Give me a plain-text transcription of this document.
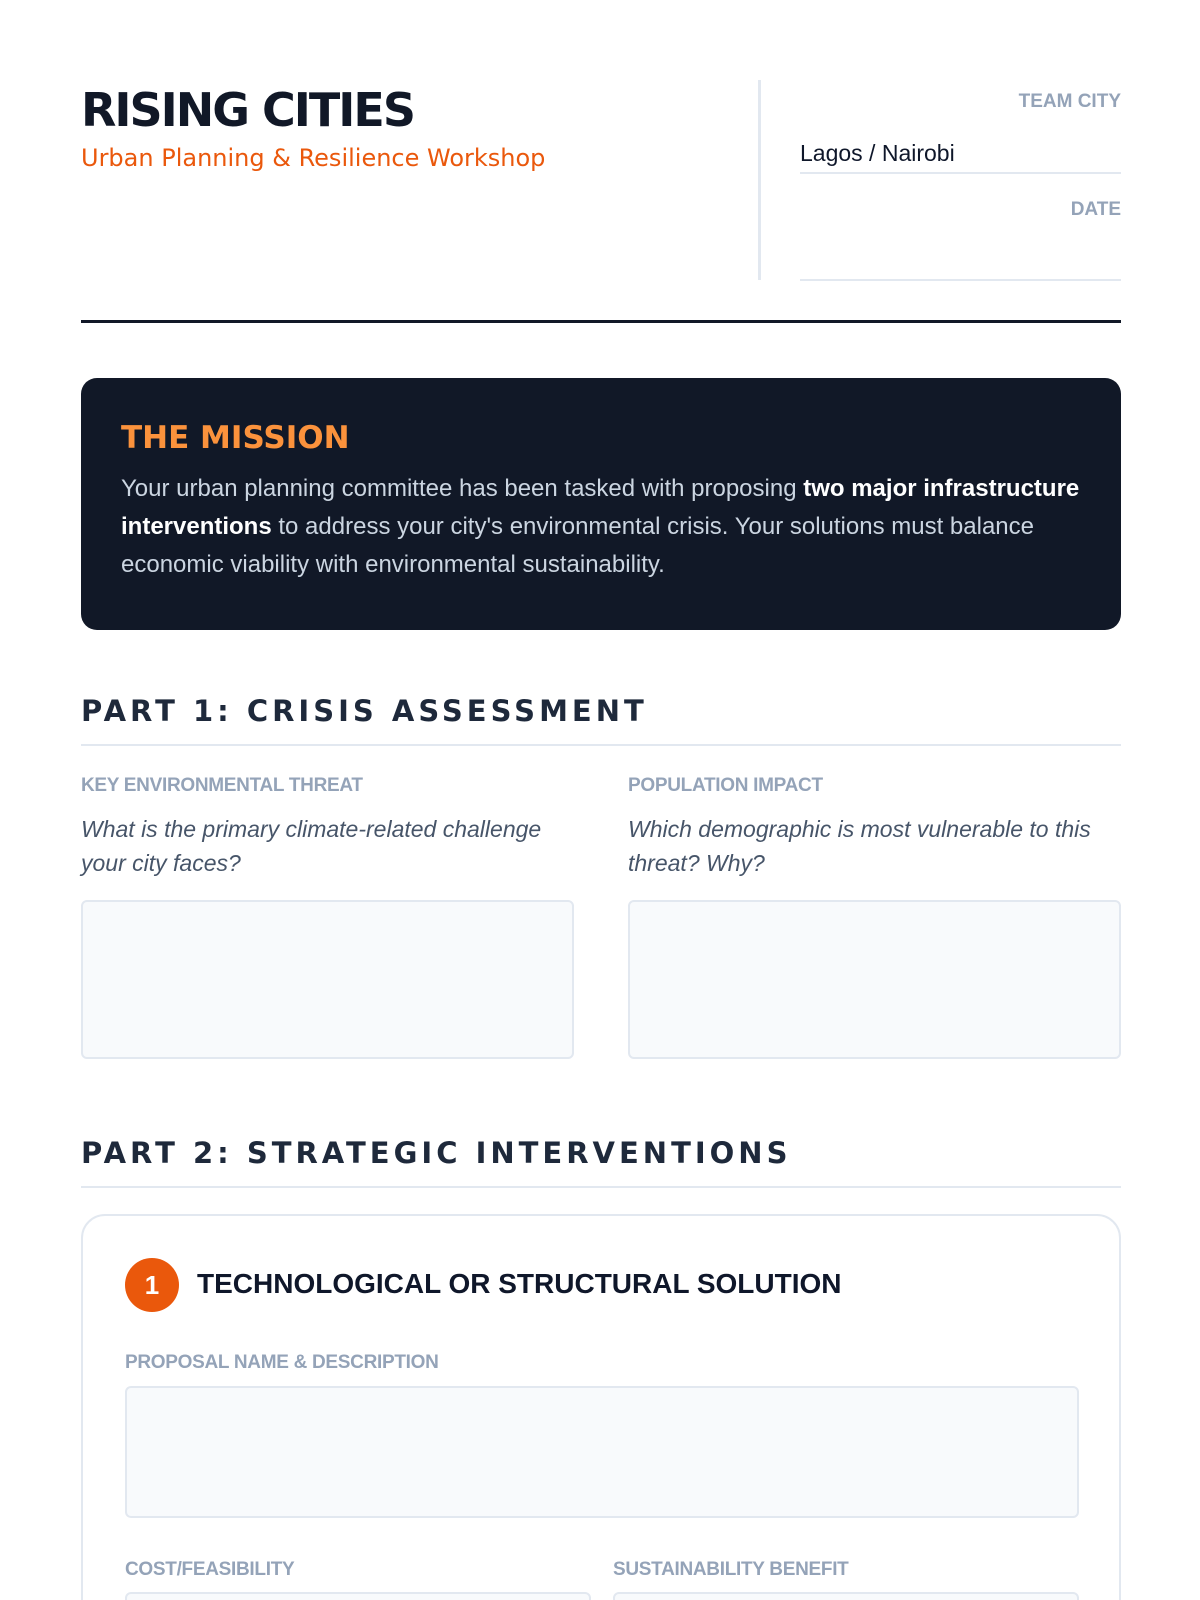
RISING CITIES
Urban Planning & Resilience Workshop
TEAM CITY
Lagos / Nairobi
DATE
THE MISSION
Your urban planning committee has been tasked with proposing two major infrastructure interventions to address your city's environmental crisis. Your solutions must balance economic viability with environmental sustainability.
PART 1: CRISIS ASSESSMENT
KEY ENVIRONMENTAL THREAT
What is the primary climate-related challenge your city faces?
POPULATION IMPACT
Which demographic is most vulnerable to this threat? Why?
PART 2: STRATEGIC INTERVENTIONS
1	TECHNOLOGICAL OR STRUCTURAL SOLUTION
PROPOSAL NAME & DESCRIPTION
COST/FEASIBILITY	SUSTAINABILITY BENEFIT
